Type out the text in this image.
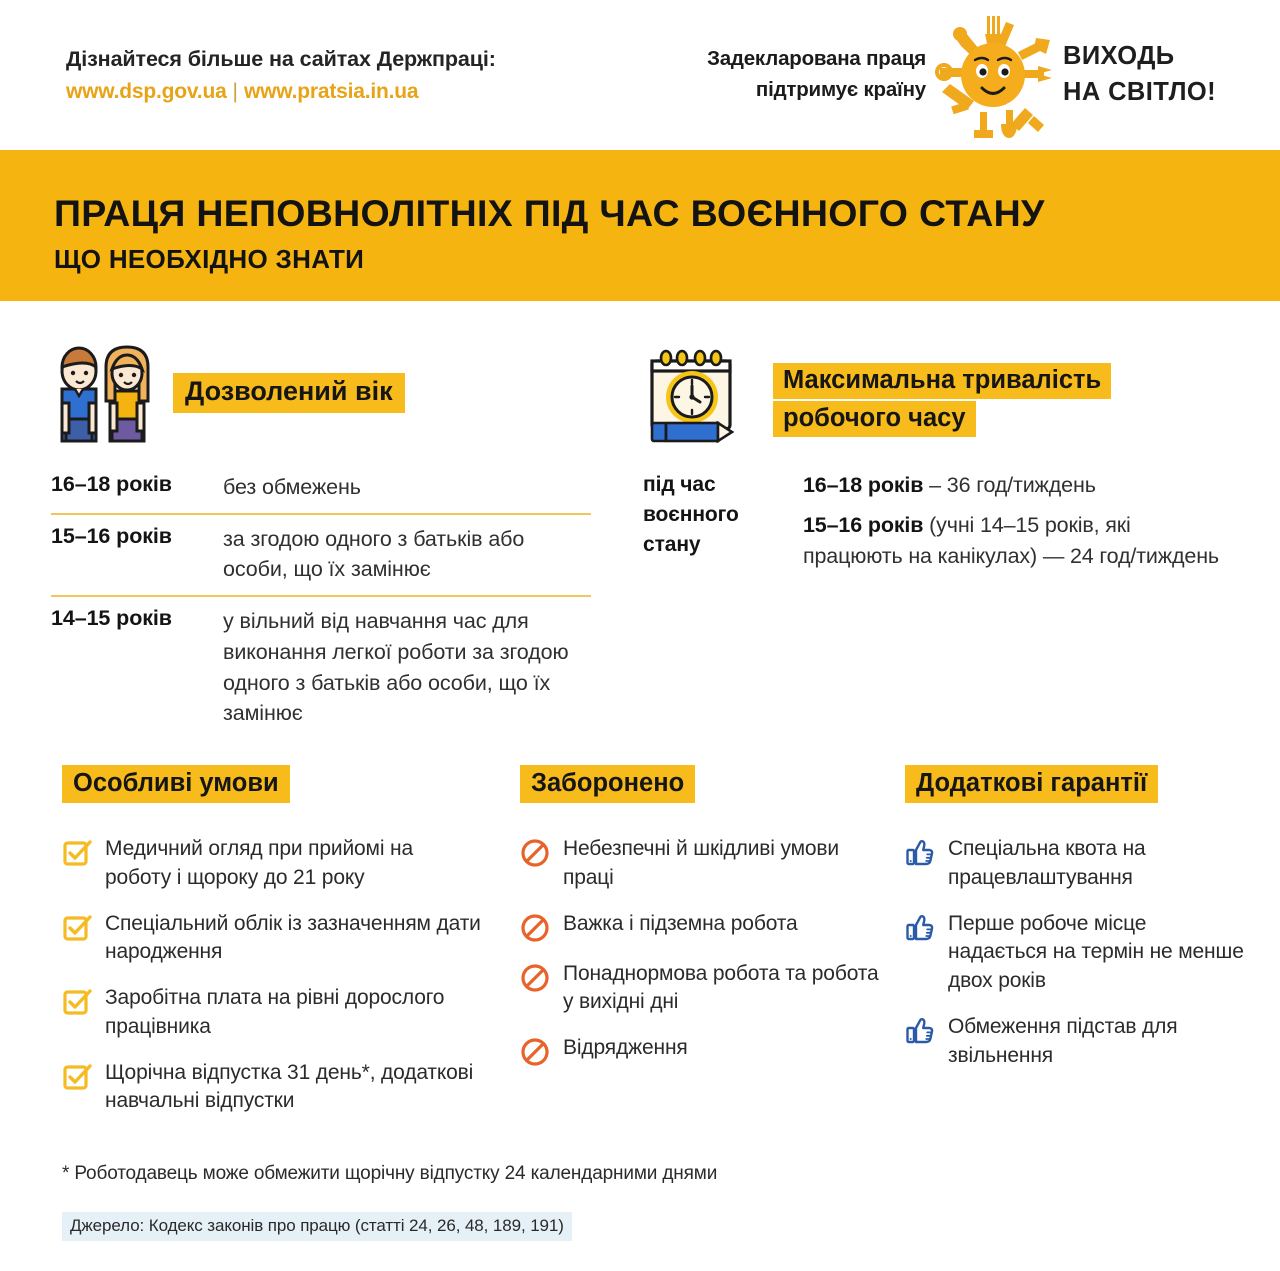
Дізнайтеся більше на сайтах Держпраці:
www.dsp.gov.ua | www.pratsia.in.ua
Задекларована праця
підтримує країну
ВИХОДЬ
НА СВІТЛО!
ПРАЦЯ НЕПОВНОЛІТНІХ ПІД ЧАС ВОЄННОГО СТАНУ
ЩО НЕОБХІДНО ЗНАТИ
Дозволений вік
16–18 років	без обмежень
15–16 років	за згодою одного з батьків або особи, що їх замінює
14–15 років	у вільний від навчання час для виконання легкої роботи за згодою одного з батьків або особи, що їх замінює
Максимальна тривалість
робочого часу
під час воєнного стану
16–18 років – 36 год/тиждень
15–16 років (учні 14–15 років, які працюють на канікулах) — 24 год/тиждень
Особливі умови
Медичний огляд при прийомі на роботу і щороку до 21 року
Спеціальний облік із зазначенням дати народження
Заробітна плата на рівні дорослого працівника
Щорічна відпустка 31 день*, додаткові навчальні відпустки
Заборонено
Небезпечні й шкідливі умови праці
Важка і підземна робота
Понаднормова робота та робота у вихідні дні
Відрядження
Додаткові гарантії
Спеціальна квота на працевлаштування
Перше робоче місце надається на термін не менше двох років
Обмеження підстав для звільнення
* Роботодавець може обмежити щорічну відпустку 24 календарними днями
Джерело: Кодекс законів про працю (статті 24, 26, 48, 189, 191)
